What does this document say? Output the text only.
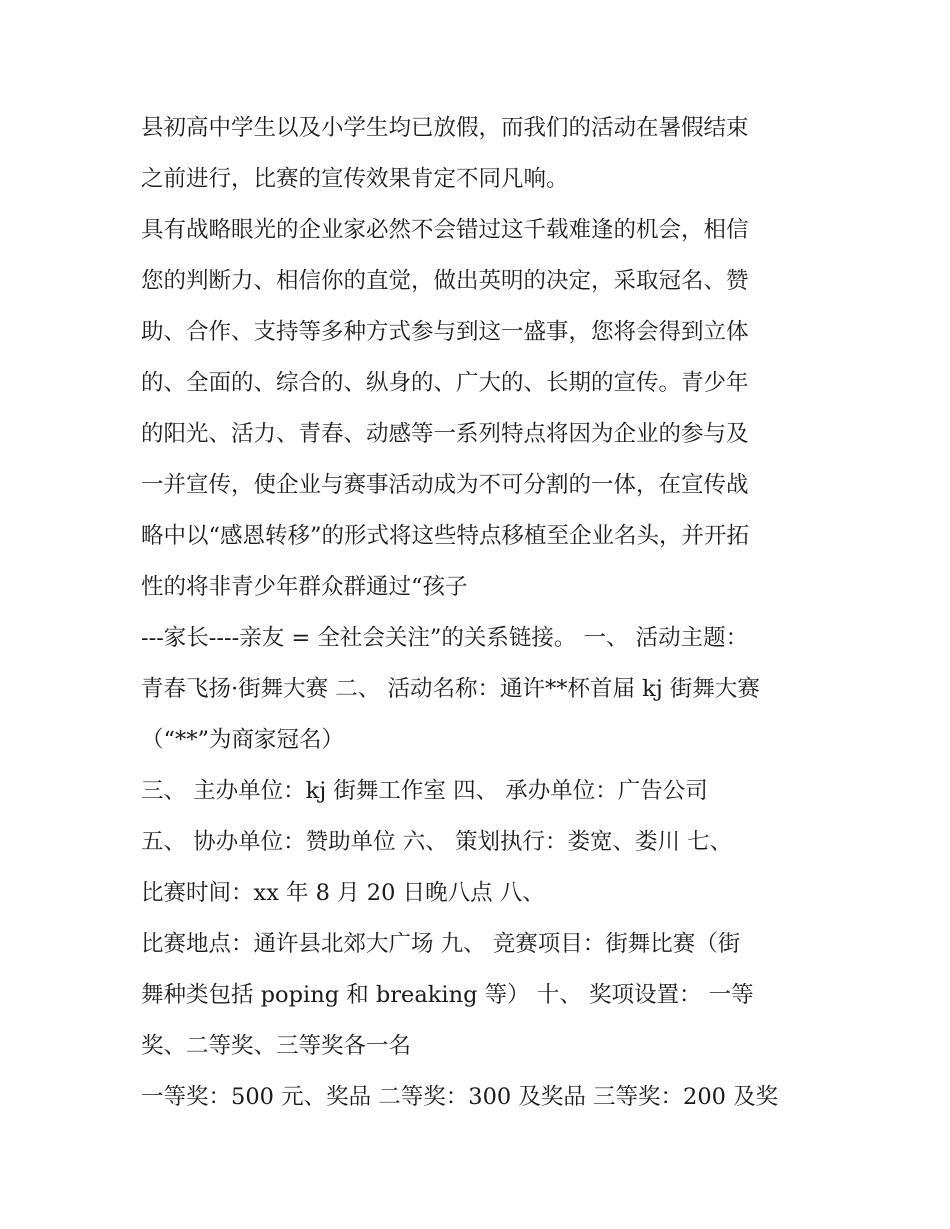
县初高中学生以及小学生均已放假，而我们的活动在暑假结束
之前进行，比赛的宣传效果肯定不同凡响。
具有战略眼光的企业家必然不会错过这千载难逢的机会，相信
您的判断力、相信你的直觉，做出英明的决定，采取冠名、赞
助、合作、支持等多种方式参与到这一盛事，您将会得到立体
的、全面的、综合的、纵身的、广大的、长期的宣传。青少年
的阳光、活力、青春、动感等一系列特点将因为企业的参与及
一并宣传，使企业与赛事活动成为不可分割的一体，在宣传战
略中以“感恩转移”的形式将这些特点移植至企业名头，并开拓
性的将非青少年群众群通过“孩子
---家长----亲友 = 全社会关注”的关系链接。 一、 活动主题：
青春飞扬·街舞大赛 二、 活动名称：通许**杯首届 kj 街舞大赛
（“**”为商家冠名）
三、 主办单位：kj 街舞工作室 四、 承办单位：广告公司
五、 协办单位：赞助单位 六、 策划执行：娄宽、娄川 七、
比赛时间：xx 年 8 月 20 日晚八点 八、
比赛地点：通许县北郊大广场 九、 竞赛项目：街舞比赛（街
舞种类包括 poping 和 breaking 等） 十、 奖项设置： 一等
奖、二等奖、三等奖各一名
一等奖：500 元、奖品 二等奖：300 及奖品 三等奖：200 及奖
